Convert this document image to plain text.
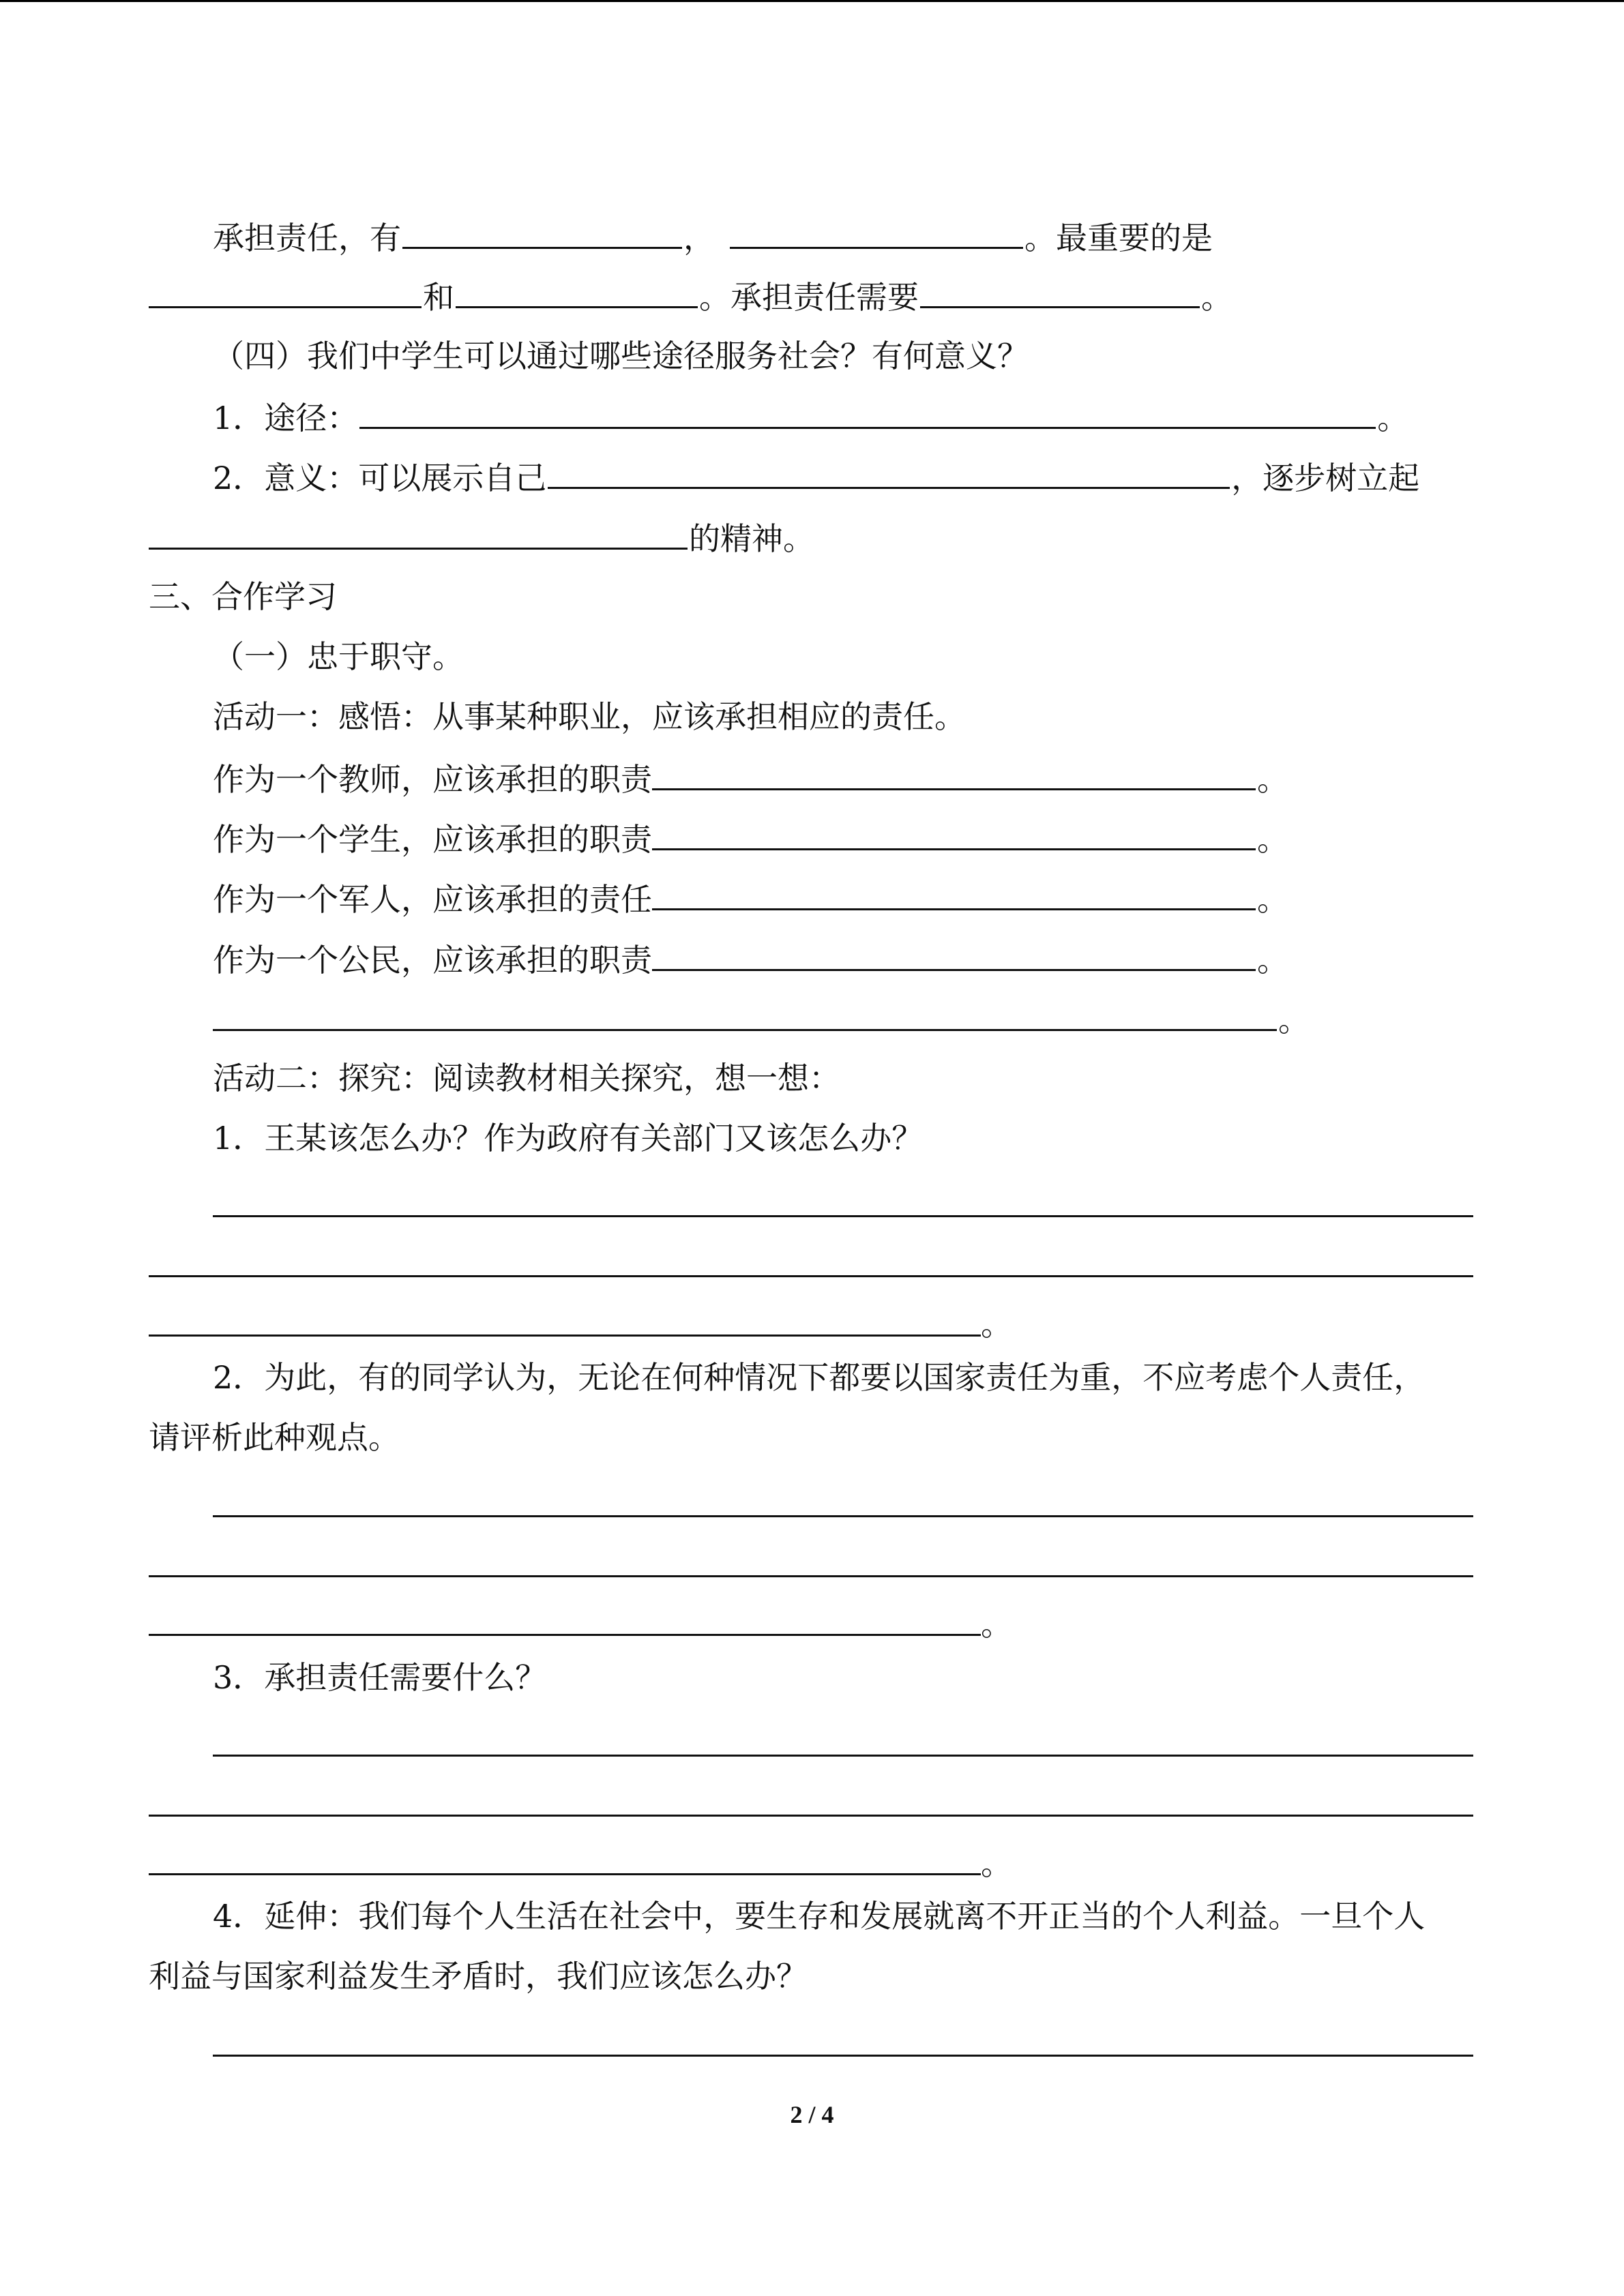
承担责任，有	，	。最重要的是
和	。承担责任需要	。
（四）我们中学生可以通过哪些途径服务社会？有何意义？
1．途径：	。
2．意义：可以展示自己	，逐步树立起
的精神。
三、合作学习
（一）忠于职守。
活动一：感悟：从事某种职业，应该承担相应的责任。
作为一个教师，应该承担的职责	。
作为一个学生，应该承担的职责	。
作为一个军人，应该承担的责任	。
作为一个公民，应该承担的职责	。
。
活动二：探究：阅读教材相关探究，想一想：
1．王某该怎么办？作为政府有关部门又该怎么办？
。
2．为此，有的同学认为，无论在何种情况下都要以国家责任为重，不应考虑个人责任，
请评析此种观点。
。
3．承担责任需要什么？
。
4．延伸：我们每个人生活在社会中，要生存和发展就离不开正当的个人利益。一旦个人
利益与国家利益发生矛盾时，我们应该怎么办？
2 / 4
